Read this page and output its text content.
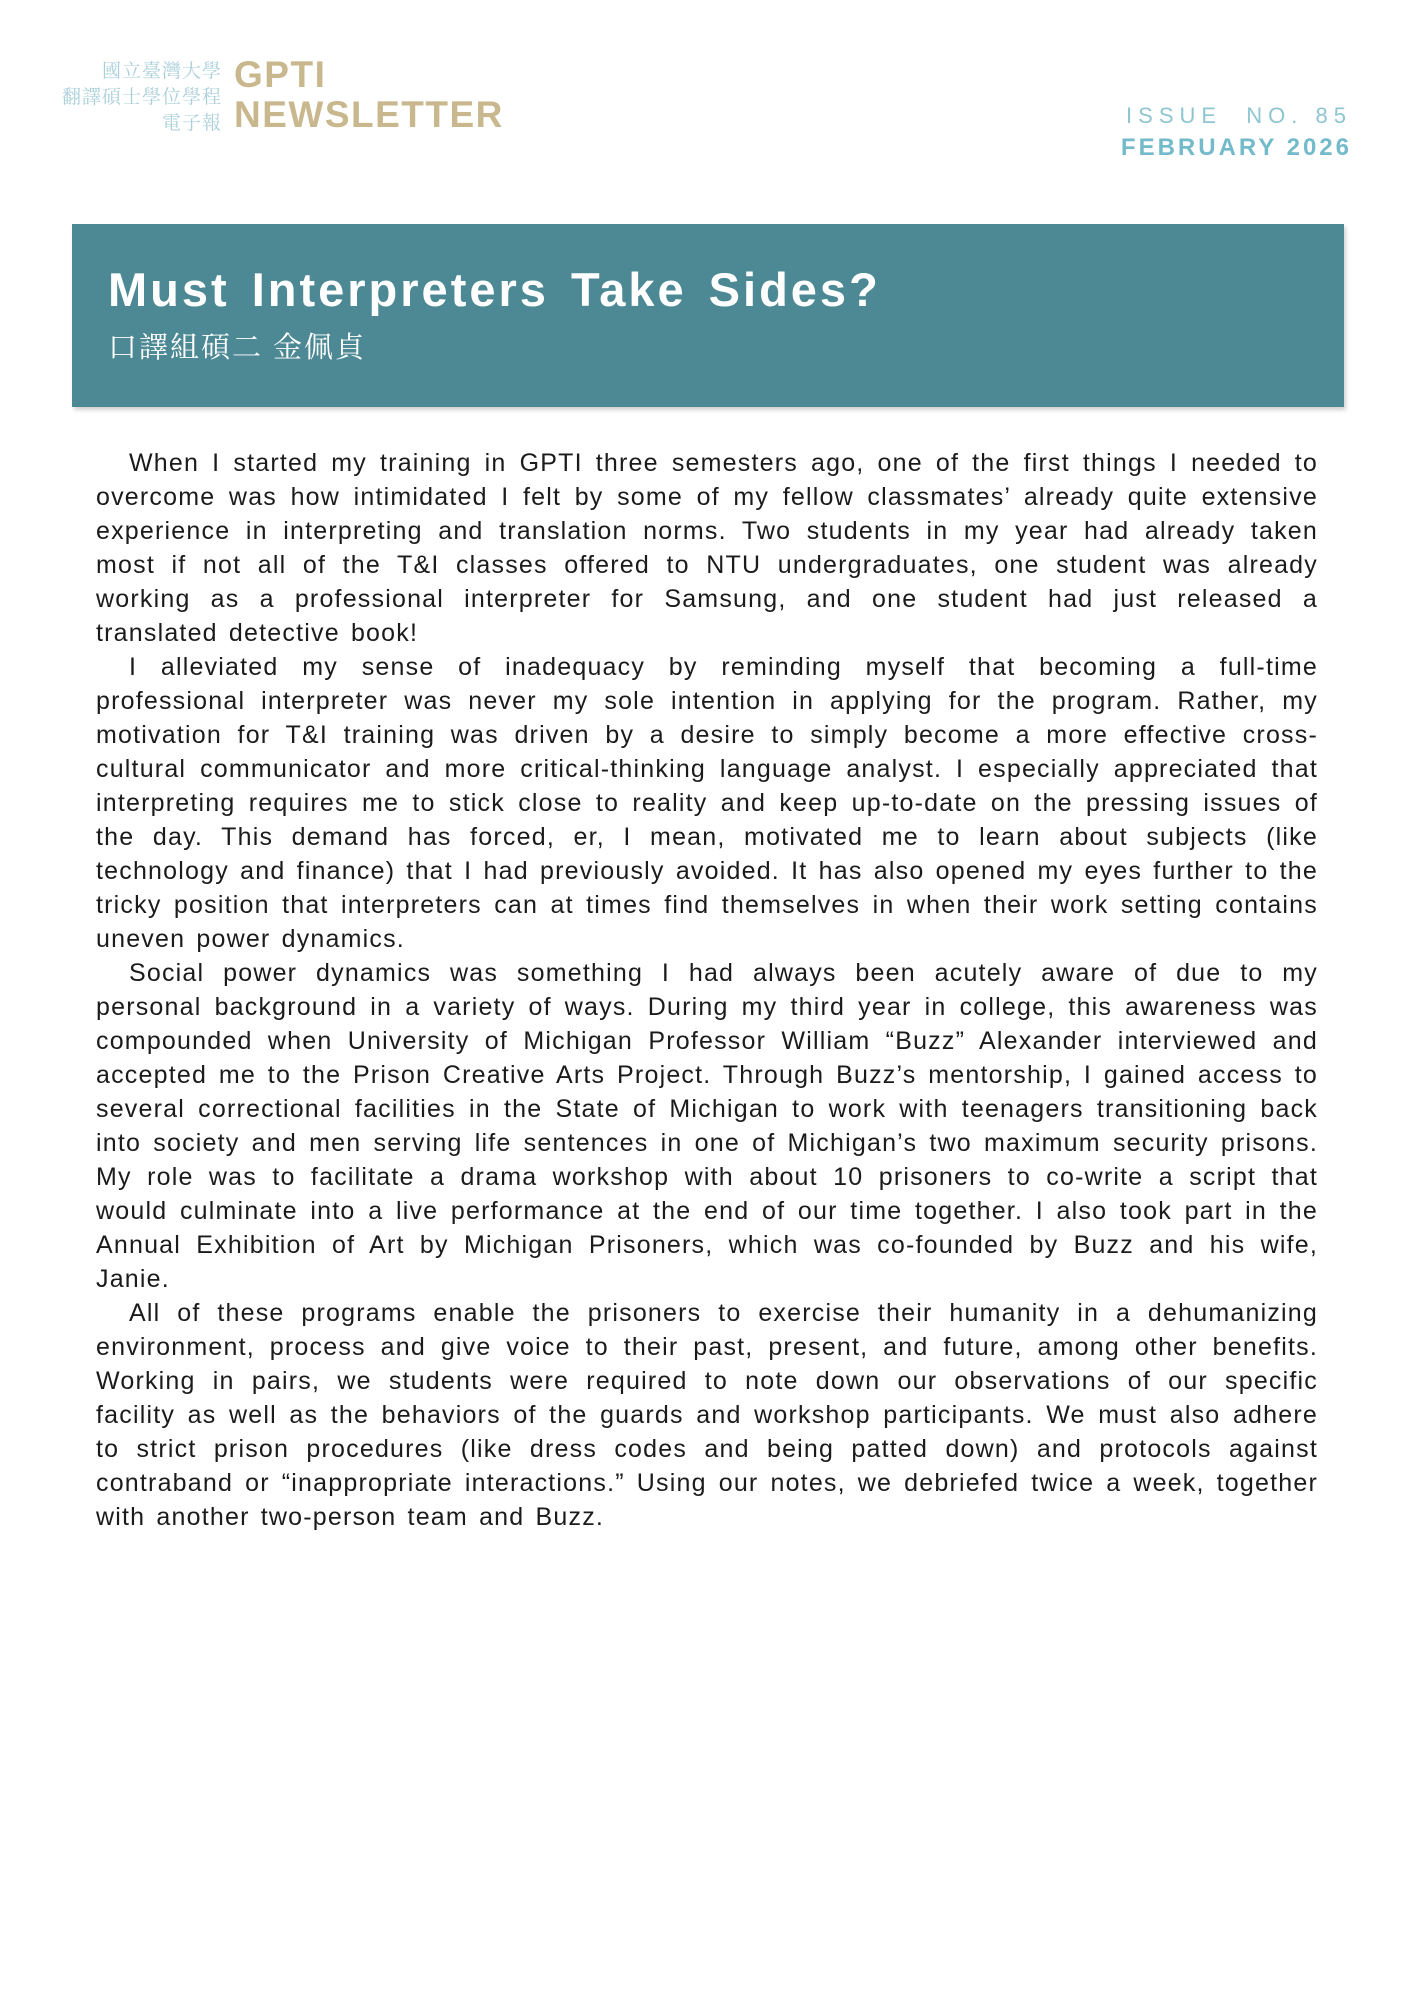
國立臺灣大學
翻譯碩士學位學程
電子報
GPTI
NEWSLETTER	ISSUE  NO. 85
FEBRUARY 2026
Must Interpreters Take Sides?
口譯組碩二 金佩貞

When I started my training in GPTI three semesters ago, one of the first things I needed to overcome was how intimidated I felt by some of my fellow classmates’ already quite extensive experience in interpreting and translation norms. Two students in my year had already taken most if not all of the T&I classes offered to NTU undergraduates, one student was already working as a professional interpreter for Samsung, and one student had just released a translated detective book!

I alleviated my sense of inadequacy by reminding myself that becoming a full-time professional interpreter was never my sole intention in applying for the program. Rather, my motivation for T&I training was driven by a desire to simply become a more effective cross-cultural communicator and more critical-thinking language analyst. I especially appreciated that interpreting requires me to stick close to reality and keep up-to-date on the pressing issues of the day. This demand has forced, er, I mean, motivated me to learn about subjects (like technology and finance) that I had previously avoided. It has also opened my eyes further to the tricky position that interpreters can at times find themselves in when their work setting contains uneven power dynamics.

Social power dynamics was something I had always been acutely aware of due to my personal background in a variety of ways. During my third year in college, this awareness was compounded when University of Michigan Professor William “Buzz” Alexander interviewed and accepted me to the Prison Creative Arts Project. Through Buzz’s mentorship, I gained access to several correctional facilities in the State of Michigan to work with teenagers transitioning back into society and men serving life sentences in one of Michigan’s two maximum security prisons. My role was to facilitate a drama workshop with about 10 prisoners to co-write a script that would culminate into a live performance at the end of our time together. I also took part in the Annual Exhibition of Art by Michigan Prisoners, which was co-founded by Buzz and his wife, Janie.

All of these programs enable the prisoners to exercise their humanity in a dehumanizing environment, process and give voice to their past, present, and future, among other benefits. Working in pairs, we students were required to note down our observations of our specific facility as well as the behaviors of the guards and workshop participants. We must also adhere to strict prison procedures (like dress codes and being patted down) and protocols against contraband or “inappropriate interactions.” Using our notes, we debriefed twice a week, together with another two-person team and Buzz.
